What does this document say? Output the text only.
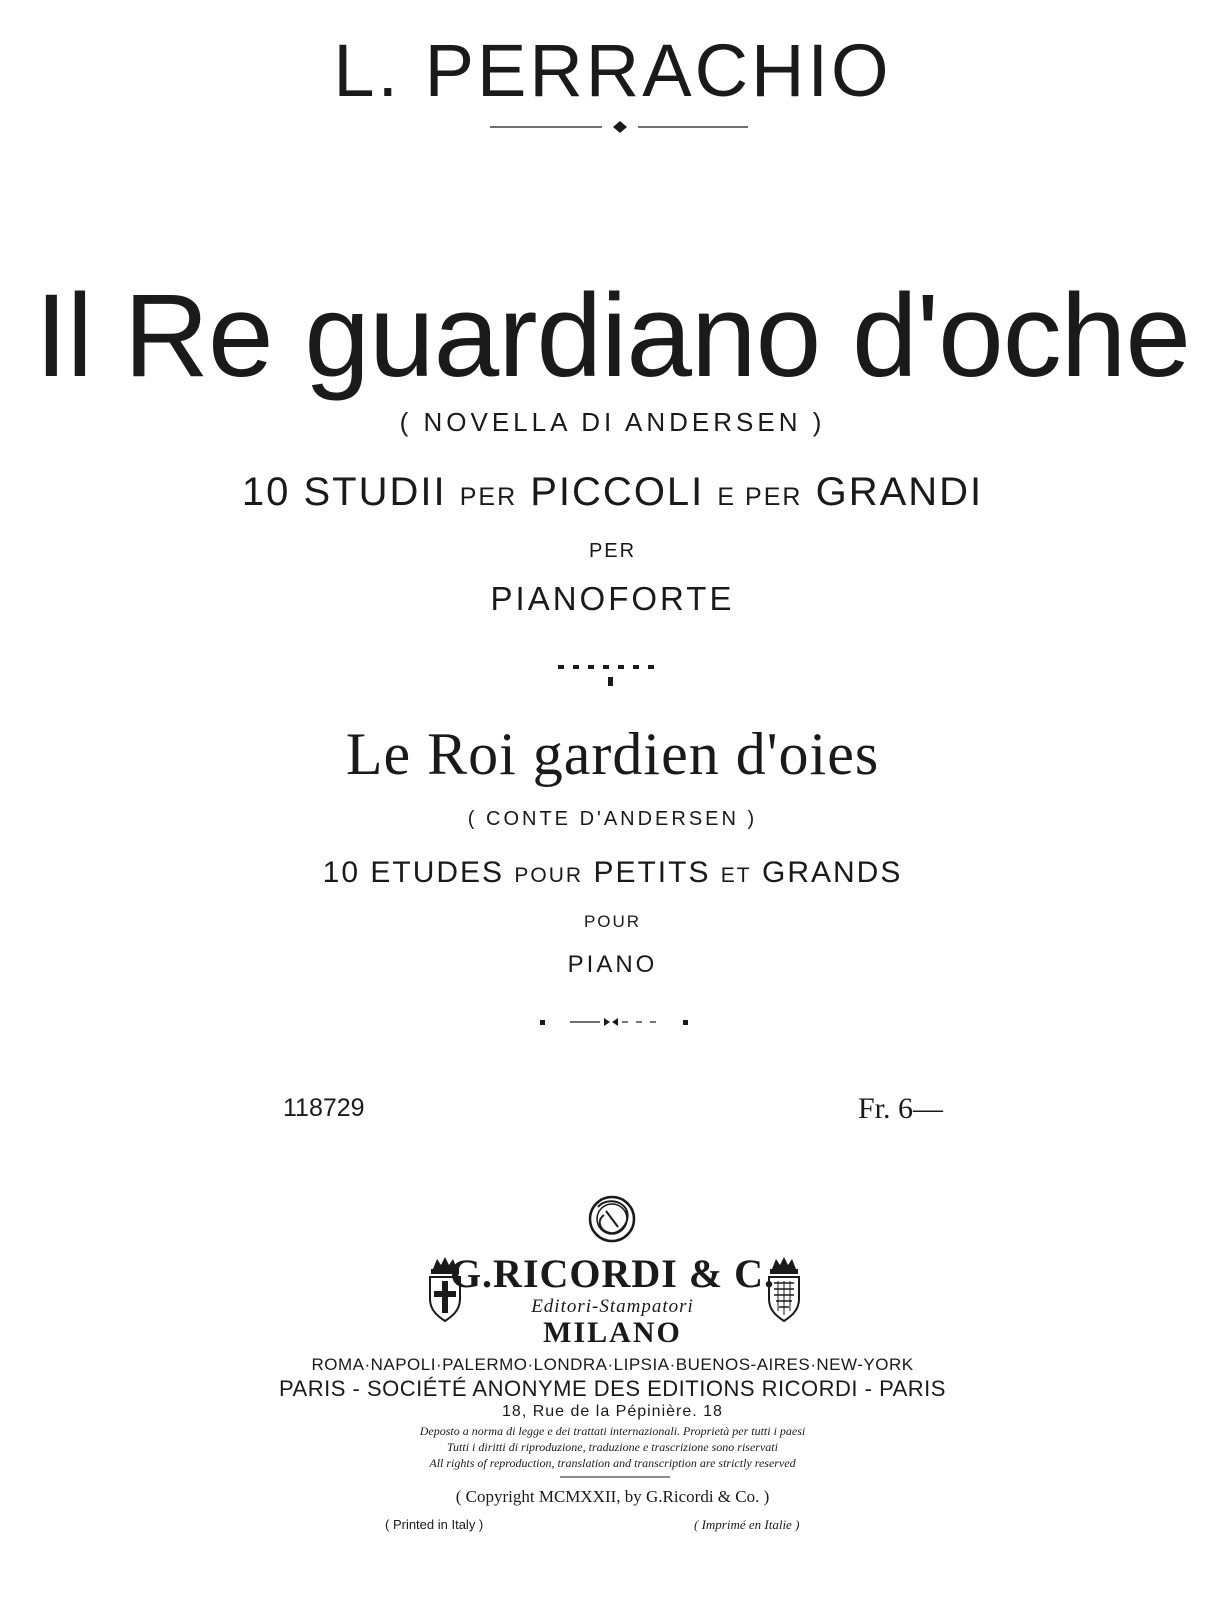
L. PERRACHIO
Il Re guardiano d'oche
( NOVELLA DI ANDERSEN )
10 STUDII PER PICCOLI E PER GRANDI
PER
PIANOFORTE
Le Roi gardien d'oies
( CONTE D'ANDERSEN )
10 ETUDES POUR PETITS ET GRANDS
POUR
PIANO
118729	Fr. 6—
G.RICORDI & C.
Editori-Stampatori
MILANO
ROMA·NAPOLI·PALERMO·LONDRA·LIPSIA·BUENOS-AIRES·NEW-YORK
PARIS - SOCIÉTÉ ANONYME DES EDITIONS RICORDI - PARIS
18, Rue de la Pépinière. 18
Deposto a norma di legge e dei trattati internazionali. Proprietà per tutti i paesi
Tutti i diritti di riproduzione, traduzione e trascrizione sono riservati
All rights of reproduction, translation and transcription are strictly reserved
( Copyright MCMXXII, by G.Ricordi & Co. )
( Printed in Italy )	( Imprimé en Italie )
